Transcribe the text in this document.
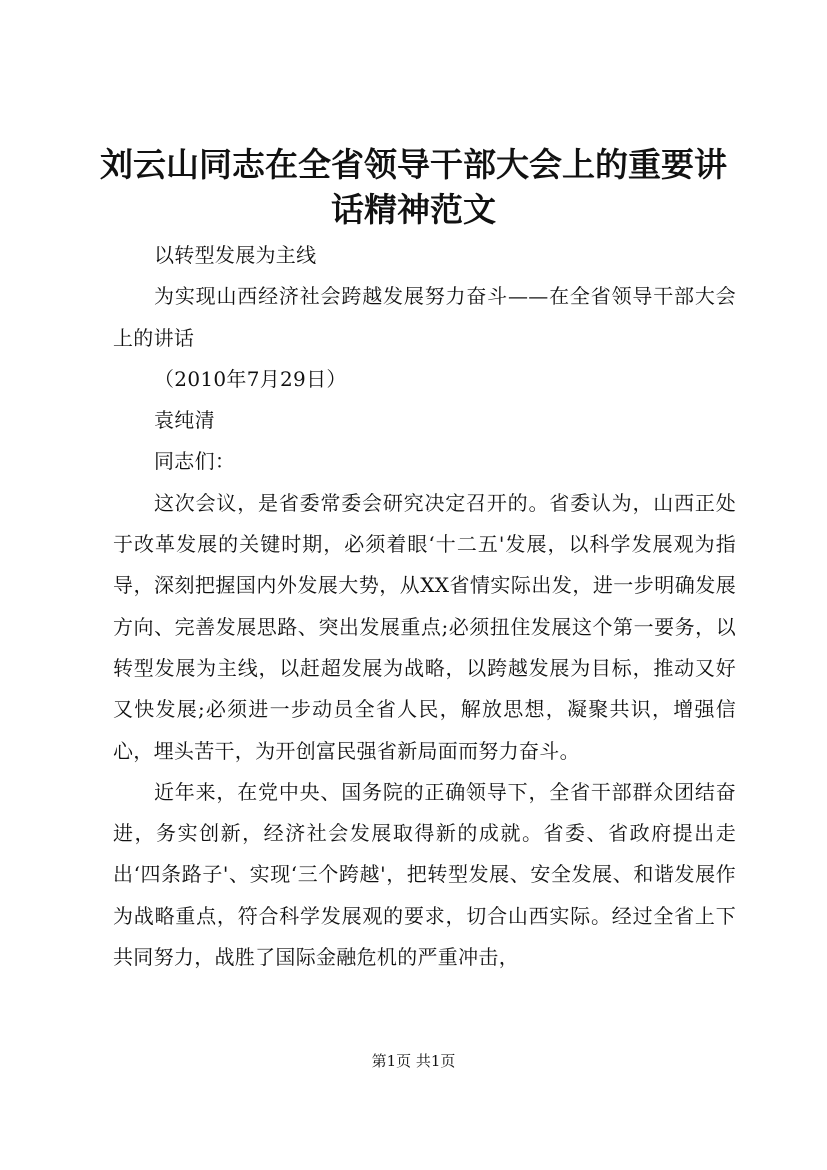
刘云山同志在全省领导干部大会上的重要讲话精神范文

以转型发展为主线

为实现山西经济社会跨越发展努力奋斗——在全省领导干部大会上的讲话

（2010年7月29日）

袁纯清

同志们：

这次会议，是省委常委会研究决定召开的。省委认为，山西正处于改革发展的关键时期，必须着眼‘十二五'发展，以科学发展观为指导，深刻把握国内外发展大势，从XX省情实际出发，进一步明确发展方向、完善发展思路、突出发展重点;必须扭住发展这个第一要务，以转型发展为主线，以赶超发展为战略，以跨越发展为目标，推动又好又快发展;必须进一步动员全省人民，解放思想，凝聚共识，增强信心，埋头苦干，为开创富民强省新局面而努力奋斗。

近年来，在党中央、国务院的正确领导下，全省干部群众团结奋进，务实创新，经济社会发展取得新的成就。省委、省政府提出走出‘四条路子'、实现‘三个跨越'，把转型发展、安全发展、和谐发展作为战略重点，符合科学发展观的要求，切合山西实际。经过全省上下共同努力，战胜了国际金融危机的严重冲击，

第1页 共1页
